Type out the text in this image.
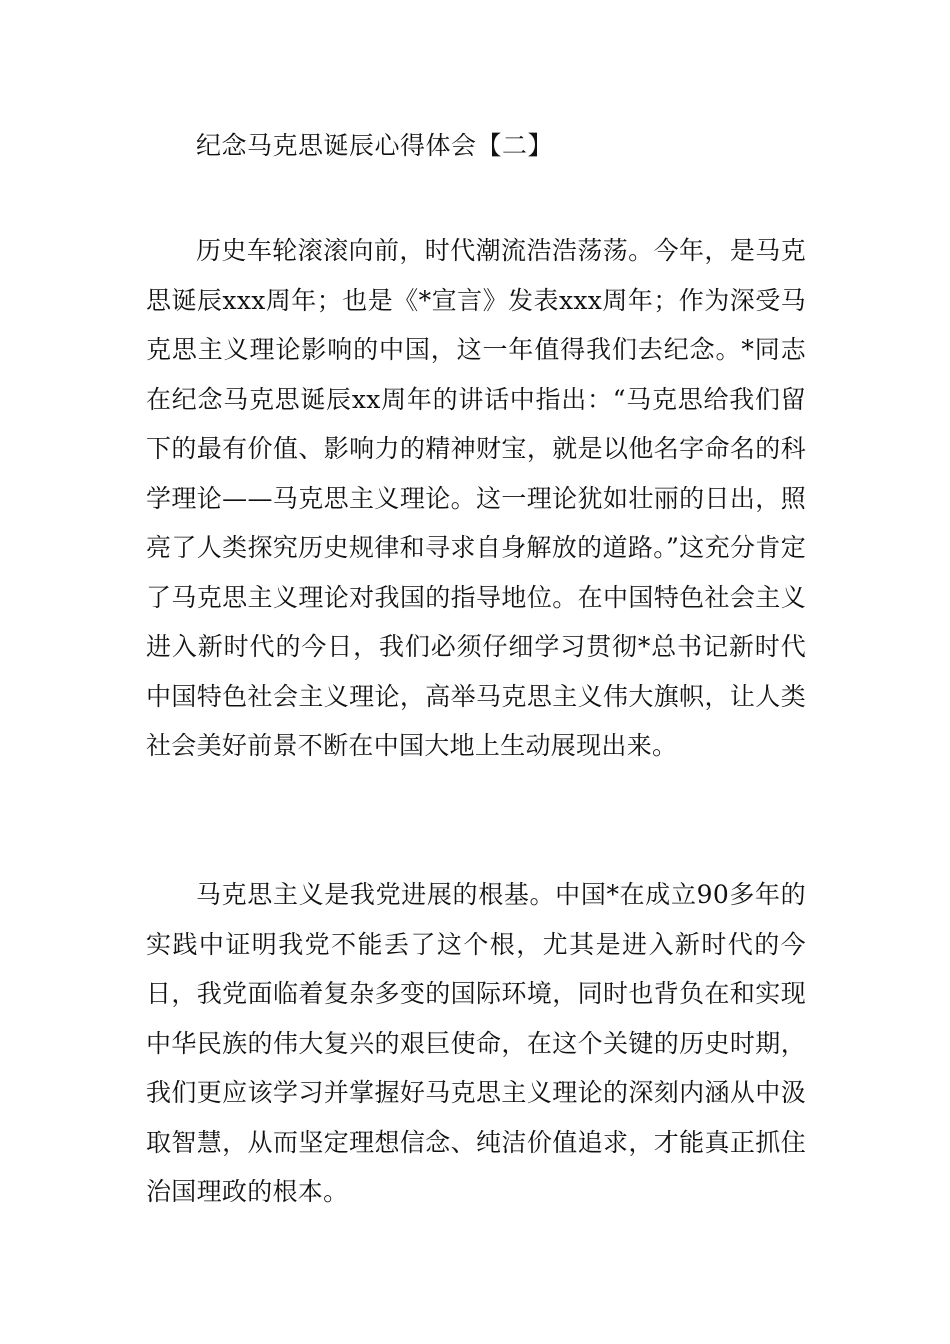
纪念马克思诞辰心得体会【二】

历史车轮滚滚向前，时代潮流浩浩荡荡。今年，是马克思诞辰xxx周年；也是《*宣言》发表xxx周年；作为深受马克思主义理论影响的中国，这一年值得我们去纪念。*同志在纪念马克思诞辰xx周年的讲话中指出：“马克思给我们留下的最有价值、影响力的精神财宝，就是以他名字命名的科学理论——马克思主义理论。这一理论犹如壮丽的日出，照亮了人类探究历史规律和寻求自身解放的道路。”这充分肯定了马克思主义理论对我国的指导地位。在中国特色社会主义进入新时代的今日，我们必须仔细学习贯彻*总书记新时代中国特色社会主义理论，高举马克思主义伟大旗帜，让人类社会美好前景不断在中国大地上生动展现出来。

马克思主义是我党进展的根基。中国*在成立90多年的实践中证明我党不能丢了这个根，尤其是进入新时代的今日，我党面临着复杂多变的国际环境，同时也背负在和实现中华民族的伟大复兴的艰巨使命，在这个关键的历史时期，我们更应该学习并掌握好马克思主义理论的深刻内涵从中汲取智慧，从而坚定理想信念、纯洁价值追求，才能真正抓住治国理政的根本。
